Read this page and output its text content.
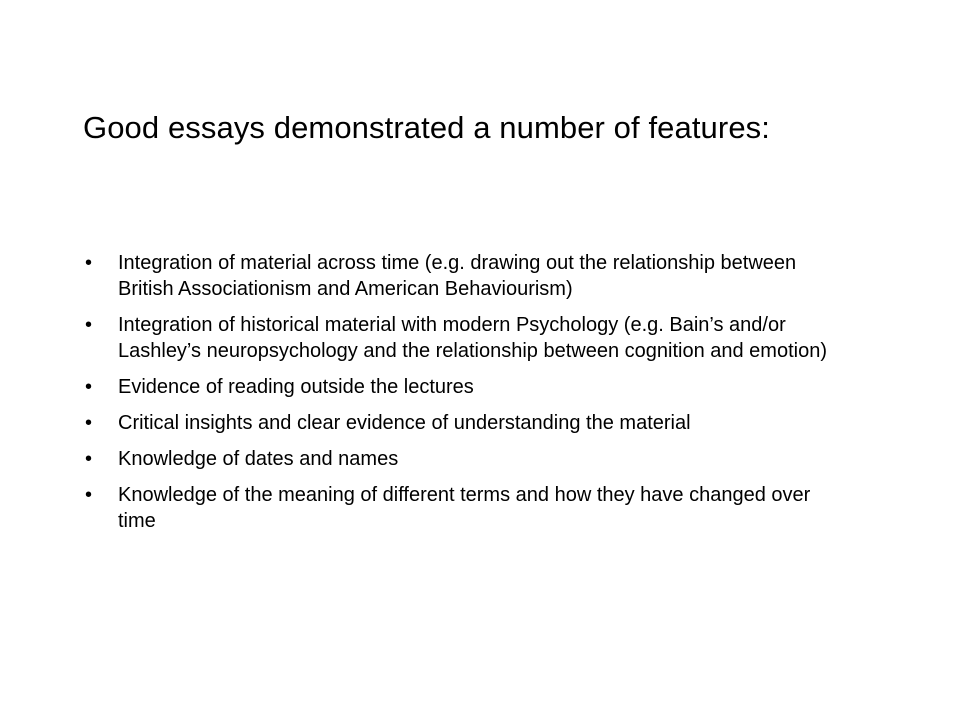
Good essays demonstrated a number of features:
•	Integration of material across time (e.g. drawing out the relationship between British Associationism and American Behaviourism)
•	Integration of historical material with modern Psychology (e.g. Bain’s and/or Lashley’s neuropsychology and the relationship between cognition and emotion)
•	Evidence of reading outside the lectures
•	Critical insights and clear evidence of understanding the material
•	Knowledge of dates and names
•	Knowledge of the meaning of different terms and how they have changed over time
